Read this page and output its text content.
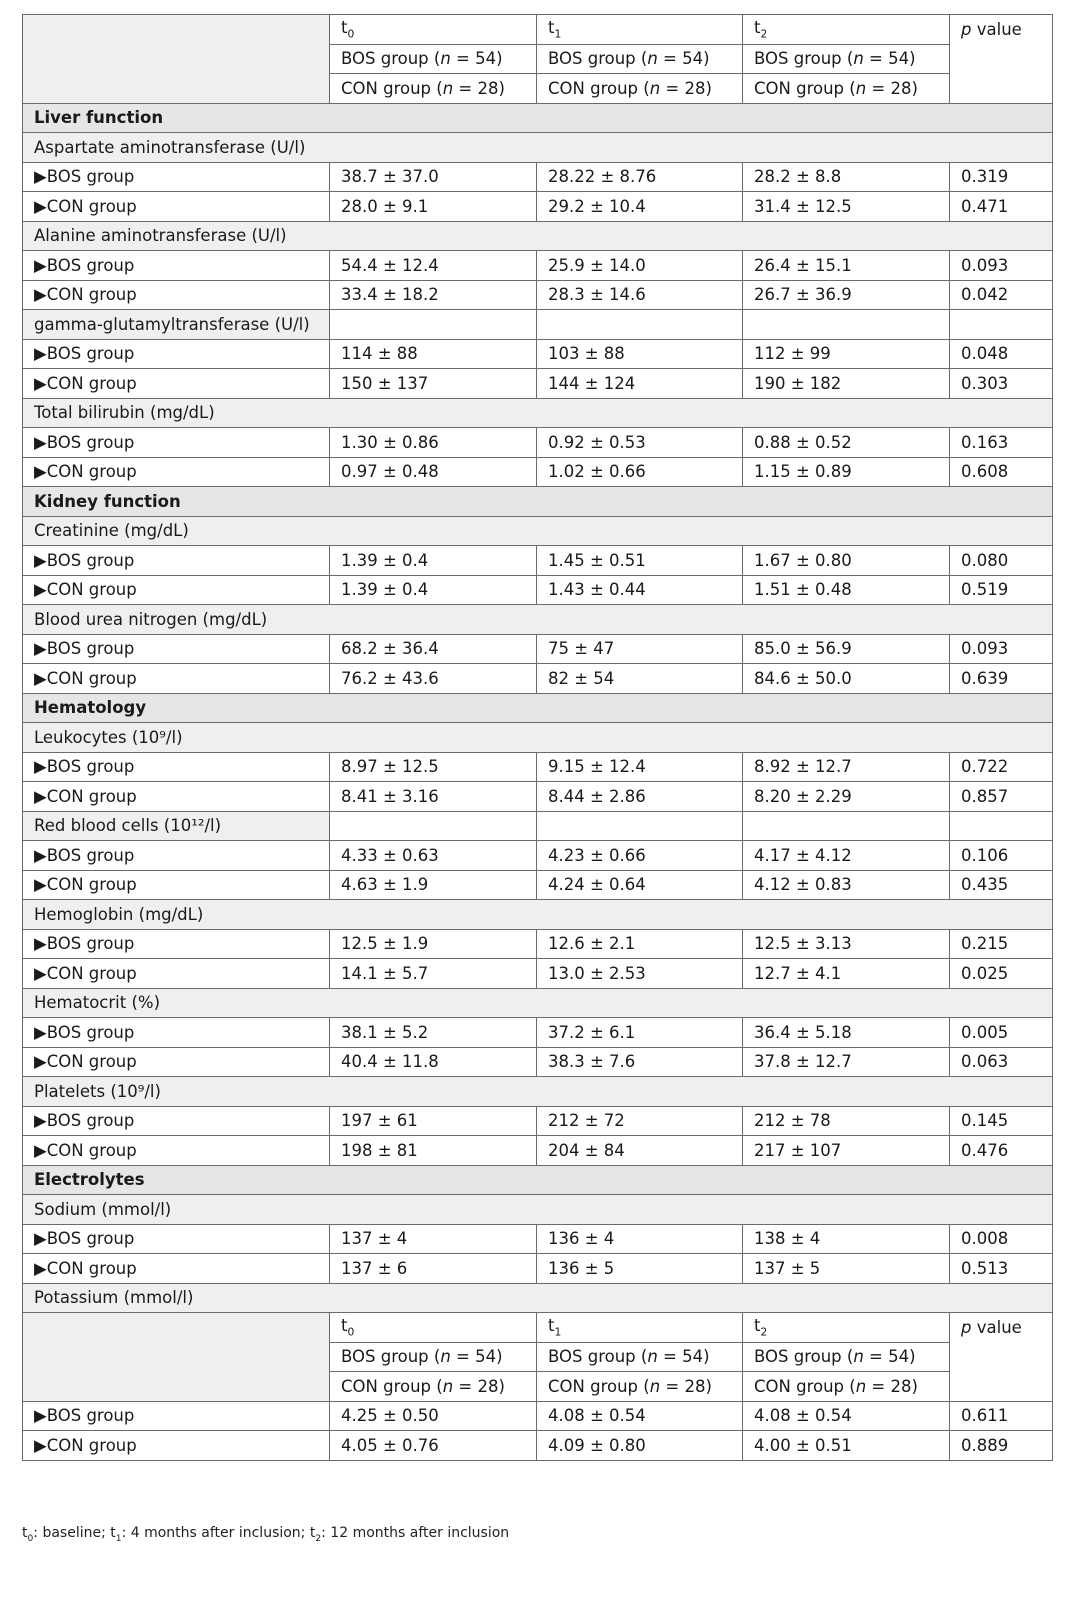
	$t_0$	$t_1$	$t_2$	p value
	BOS group (n = 54)	BOS group (n = 54)	BOS group (n = 54)	
	CON group (n = 28)	CON group (n = 28)	CON group (n = 28)	
Liver function				
Aspartate aminotransferase (U/l)				
▶BOS group	38.7 ± 37.0	28.22 ± 8.76	28.2 ± 8.8	0.319
▶CON group	28.0 ± 9.1	29.2 ± 10.4	31.4 ± 12.5	0.471
Alanine aminotransferase (U/l)				
▶BOS group	54.4 ± 12.4	25.9 ± 14.0	26.4 ± 15.1	0.093
▶CON group	33.4 ± 18.2	28.3 ± 14.6	26.7 ± 36.9	0.042
gamma-glutamyltransferase (U/l)				
▶BOS group	114 ± 88	103 ± 88	112 ± 99	0.048
▶CON group	150 ± 137	144 ± 124	190 ± 182	0.303
Total bilirubin (mg/dL)				
▶BOS group	1.30 ± 0.86	0.92 ± 0.53	0.88 ± 0.52	0.163
▶CON group	0.97 ± 0.48	1.02 ± 0.66	1.15 ± 0.89	0.608
Kidney function				
Creatinine (mg/dL)				
▶BOS group	1.39 ± 0.4	1.45 ± 0.51	1.67 ± 0.80	0.080
▶CON group	1.39 ± 0.4	1.43 ± 0.44	1.51 ± 0.48	0.519
Blood urea nitrogen (mg/dL)				
▶BOS group	68.2 ± 36.4	75 ± 47	85.0 ± 56.9	0.093
▶CON group	76.2 ± 43.6	82 ± 54	84.6 ± 50.0	0.639
Hematology				
Leukocytes (10⁹/l)				
▶BOS group	8.97 ± 12.5	9.15 ± 12.4	8.92 ± 12.7	0.722
▶CON group	8.41 ± 3.16	8.44 ± 2.86	8.20 ± 2.29	0.857
Red blood cells (10¹²/l)				
▶BOS group	4.33 ± 0.63	4.23 ± 0.66	4.17 ± 4.12	0.106
▶CON group	4.63 ± 1.9	4.24 ± 0.64	4.12 ± 0.83	0.435
Hemoglobin (mg/dL)				
▶BOS group	12.5 ± 1.9	12.6 ± 2.1	12.5 ± 3.13	0.215
▶CON group	14.1 ± 5.7	13.0 ± 2.53	12.7 ± 4.1	0.025
Hematocrit (%)				
▶BOS group	38.1 ± 5.2	37.2 ± 6.1	36.4 ± 5.18	0.005
▶CON group	40.4 ± 11.8	38.3 ± 7.6	37.8 ± 12.7	0.063
Platelets (10⁹/l)				
▶BOS group	197 ± 61	212 ± 72	212 ± 78	0.145
▶CON group	198 ± 81	204 ± 84	217 ± 107	0.476
Electrolytes				
Sodium (mmol/l)				
▶BOS group	137 ± 4	136 ± 4	138 ± 4	0.008
▶CON group	137 ± 6	136 ± 5	137 ± 5	0.513
Potassium (mmol/l)				
	$t_0$	$t_1$	$t_2$	p value
	BOS group (n = 54)	BOS group (n = 54)	BOS group (n = 54)	
	CON group (n = 28)	CON group (n = 28)	CON group (n = 28)	
▶BOS group	4.25 ± 0.50	4.08 ± 0.54	4.08 ± 0.54	0.611
▶CON group	4.05 ± 0.76	4.09 ± 0.80	4.00 ± 0.51	0.889
$t_0$: baseline; $t_1$: 4 months after inclusion; $t_2$: 12 months after inclusion
